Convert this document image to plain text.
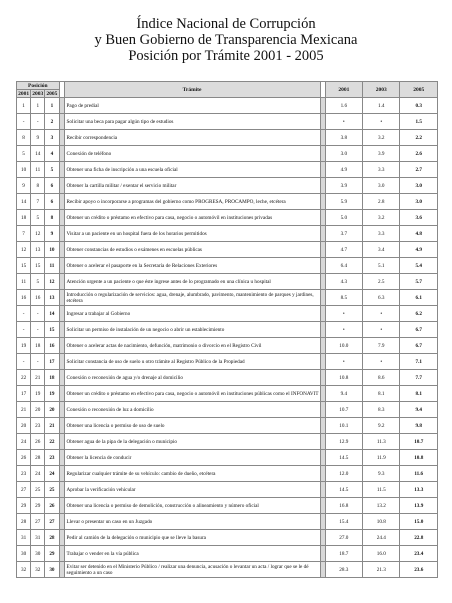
Índice Nacional de Corrupción
y Buen Gobierno de Transparencia Mexicana
Posición por Trámite 2001 - 2005
Posición				Trámite		2001	2003	2005
2001	2003	2005						
1	1	1		Pago de predial		1.6	1.4	0.3
-	-	2		Solicitar una beca para pagar algún tipo de estudios		•	•	1.5
8	9	3		Recibir correspondencia		3.8	3.2	2.2
5	14	4		Conexión de teléfono		3.0	3.9	2.6
10	11	5		Obtener una ficha de inscripción a una escuela oficial		4.9	3.3	2.7
9	8	6		Obtener la cartilla militar / exentar el servicio militar		3.9	3.0	3.0
14	7	6		Recibir apoyo o incorporarse a programas del gobierno como PROGRESA, PROCAMPO, leche, etcétera		5.9	2.8	3.0
18	5	8		Obtener un crédito o préstamo en efectivo para casa, negocio o automóvil en instituciones privadas		5.0	3.2	3.6
7	12	9		Visitar a un paciente en un hospital fuera de los horarios permitidos		3.7	3.3	4.8
12	13	10		Obtener constancias de estudios o exámenes en escuelas públicas		4.7	3.4	4.9
15	15	11		Obtener o acelerar el pasaporte en la Secretaría de Relaciones Exteriores		6.4	5.1	5.4
11	5	12		Atención urgente a un paciente o que éste ingrese antes de lo programado en una clínica u hospital		4.3	2.5	5.7
16	16	13		Introducción o regularización de servicios: agua, drenaje, alumbrado, pavimento, mantenimiento de parques y jardines, etcétera		8.5	6.3	6.1
-	-	14		Ingresar a trabajar al Gobierno		•	•	6.2
-	-	15		Solicitar un permiso de instalación de un negocio o abrir un establecimiento		•	•	6.7
19	18	16		Obtener o acelerar actas de nacimiento, defunción, matrimonio o divorcio en el Registro Civil		10.0	7.9	6.7
-	-	17		Solicitar constancia de uso de suelo u otro trámite al Registro Público de la Propiedad		•	•	7.1
22	21	18		Conexión o reconexión de agua y/o drenaje al domicilio		10.8	8.6	7.7
17	19	19		Obtener un crédito o préstamo en efectivo para casa, negocio o automóvil en instituciones públicas como el INFONAVIT		9.4	8.1	8.1
21	20	20		Conexión o reconexión de luz a domicilio		10.7	8.3	9.4
20	23	21		Obtener una licencia o permiso de uso de suelo		10.1	9.2	9.8
24	26	22		Obtener agua de la pipa de la delegación o municipio		12.9	11.3	10.7
26	28	23		Obtener la licencia de conducir		14.5	11.9	10.8
23	24	24		Regularizar cualquier trámite de su vehículo: cambio de dueño, etcétera		12.0	9.3	11.6
27	25	25		Aprobar la verificación vehicular		14.5	11.5	13.3
29	29	26		Obtener una licencia o permiso de demolición, construcción o alineamiento y número oficial		16.8	13.2	13.9
28	27	27		Llevar o presentar un caso en un Juzgado		15.4	10.8	15.0
31	31	28		Pedir al camión de la delegación o municipio que se lleve la basura		27.0	24.4	22.8
30	30	29		Trabajar o vender en la vía pública		18.7	16.0	23.4
32	32	30		Evitar ser detenido en el Ministerio Público / realizar una denuncia, acusación o levantar un acta / lograr que se le dé seguimiento a un caso		28.3	21.3	23.6
